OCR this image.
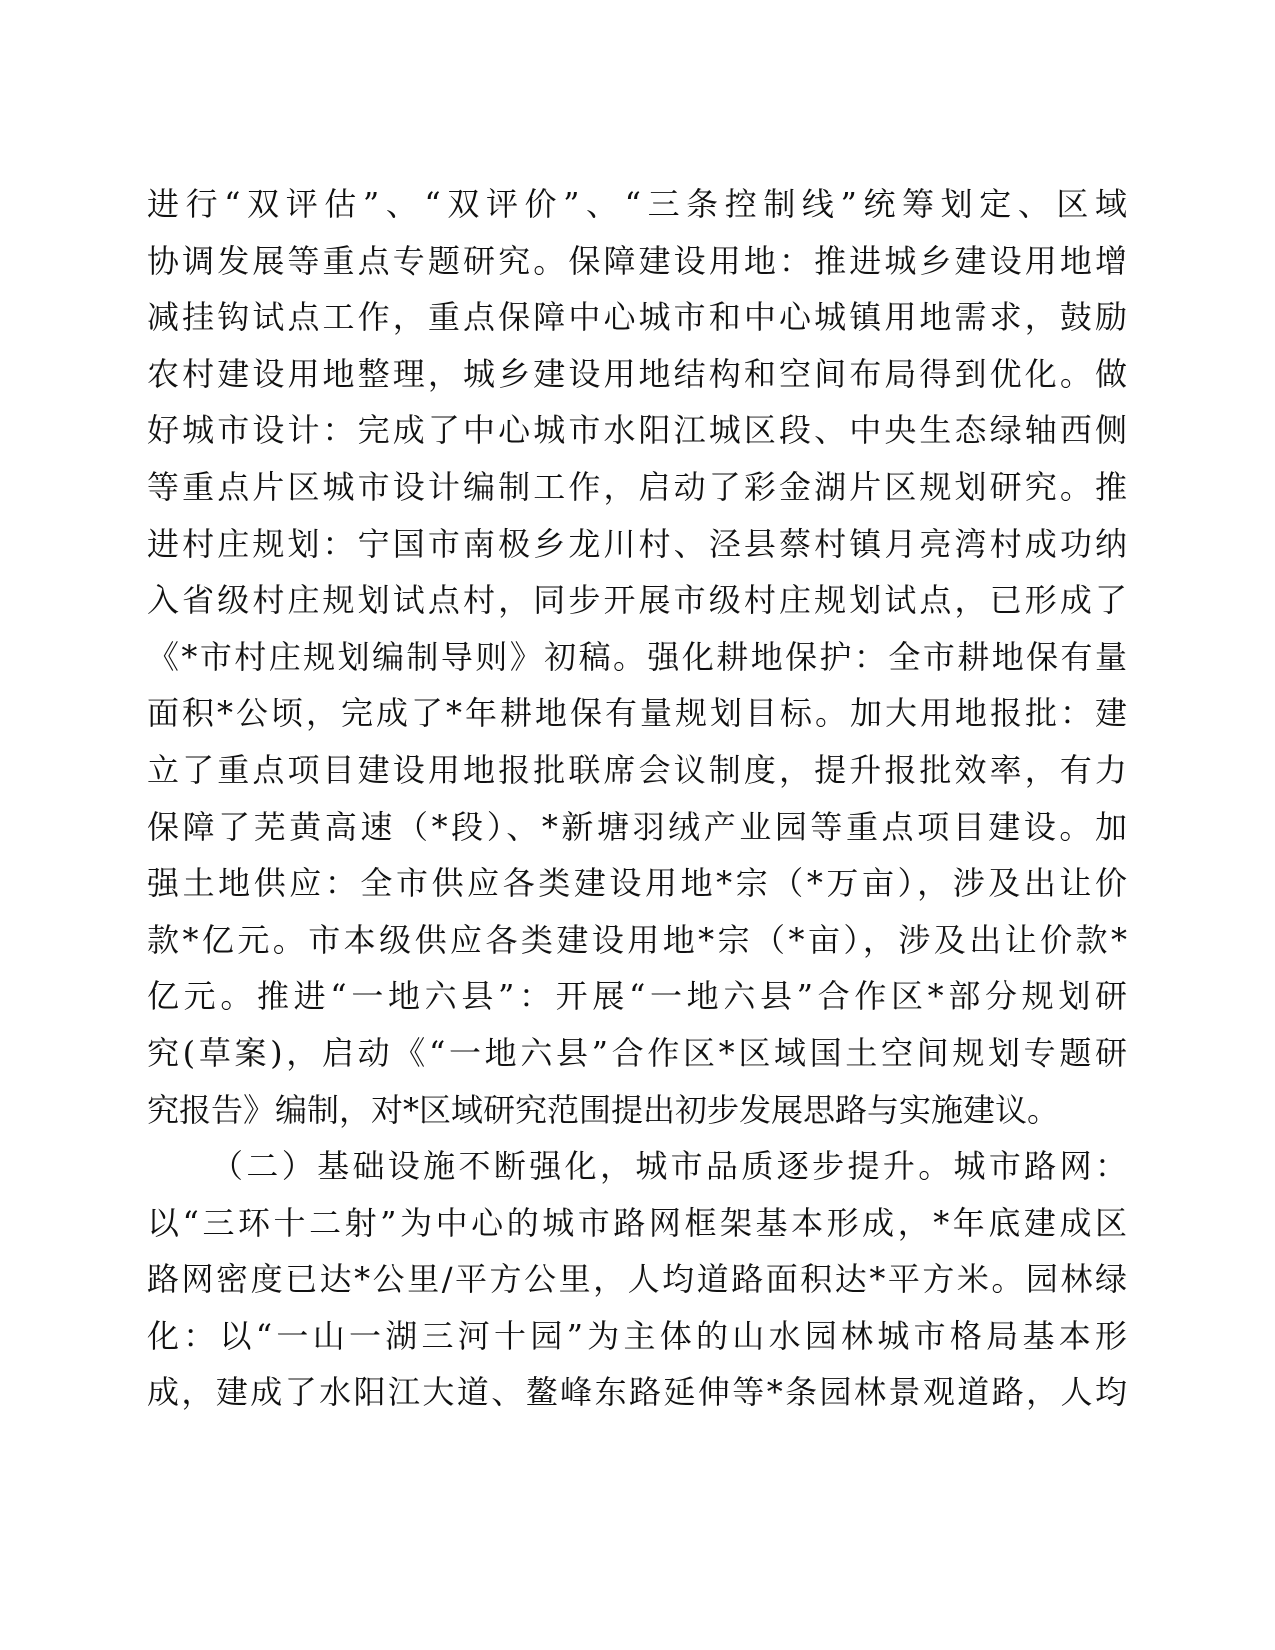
进行“双评估”、“双评价”、“三条控制线”统筹划定、区域
协调发展等重点专题研究。保障建设用地：推进城乡建设用地增
减挂钩试点工作，重点保障中心城市和中心城镇用地需求，鼓励
农村建设用地整理，城乡建设用地结构和空间布局得到优化。做
好城市设计：完成了中心城市水阳江城区段、中央生态绿轴西侧
等重点片区城市设计编制工作，启动了彩金湖片区规划研究。推
进村庄规划：宁国市南极乡龙川村、泾县蔡村镇月亮湾村成功纳
入省级村庄规划试点村，同步开展市级村庄规划试点，已形成了
《*市村庄规划编制导则》初稿。强化耕地保护：全市耕地保有量
面积*公顷，完成了*年耕地保有量规划目标。加大用地报批：建
立了重点项目建设用地报批联席会议制度，提升报批效率，有力
保障了芜黄高速（*段）、*新塘羽绒产业园等重点项目建设。加
强土地供应：全市供应各类建设用地*宗（*万亩），涉及出让价
款*亿元。市本级供应各类建设用地*宗（*亩），涉及出让价款*
亿元。推进“一地六县”：开展“一地六县”合作区*部分规划研
究(草案)，启动《“一地六县”合作区*区域国土空间规划专题研
究报告》编制，对*区域研究范围提出初步发展思路与实施建议。
（二）基础设施不断强化，城市品质逐步提升。城市路网：
以“三环十二射”为中心的城市路网框架基本形成，*年底建成区
路网密度已达*公里/平方公里，人均道路面积达*平方米。园林绿
化：以“一山一湖三河十园”为主体的山水园林城市格局基本形
成，建成了水阳江大道、鳌峰东路延伸等*条园林景观道路，人均
